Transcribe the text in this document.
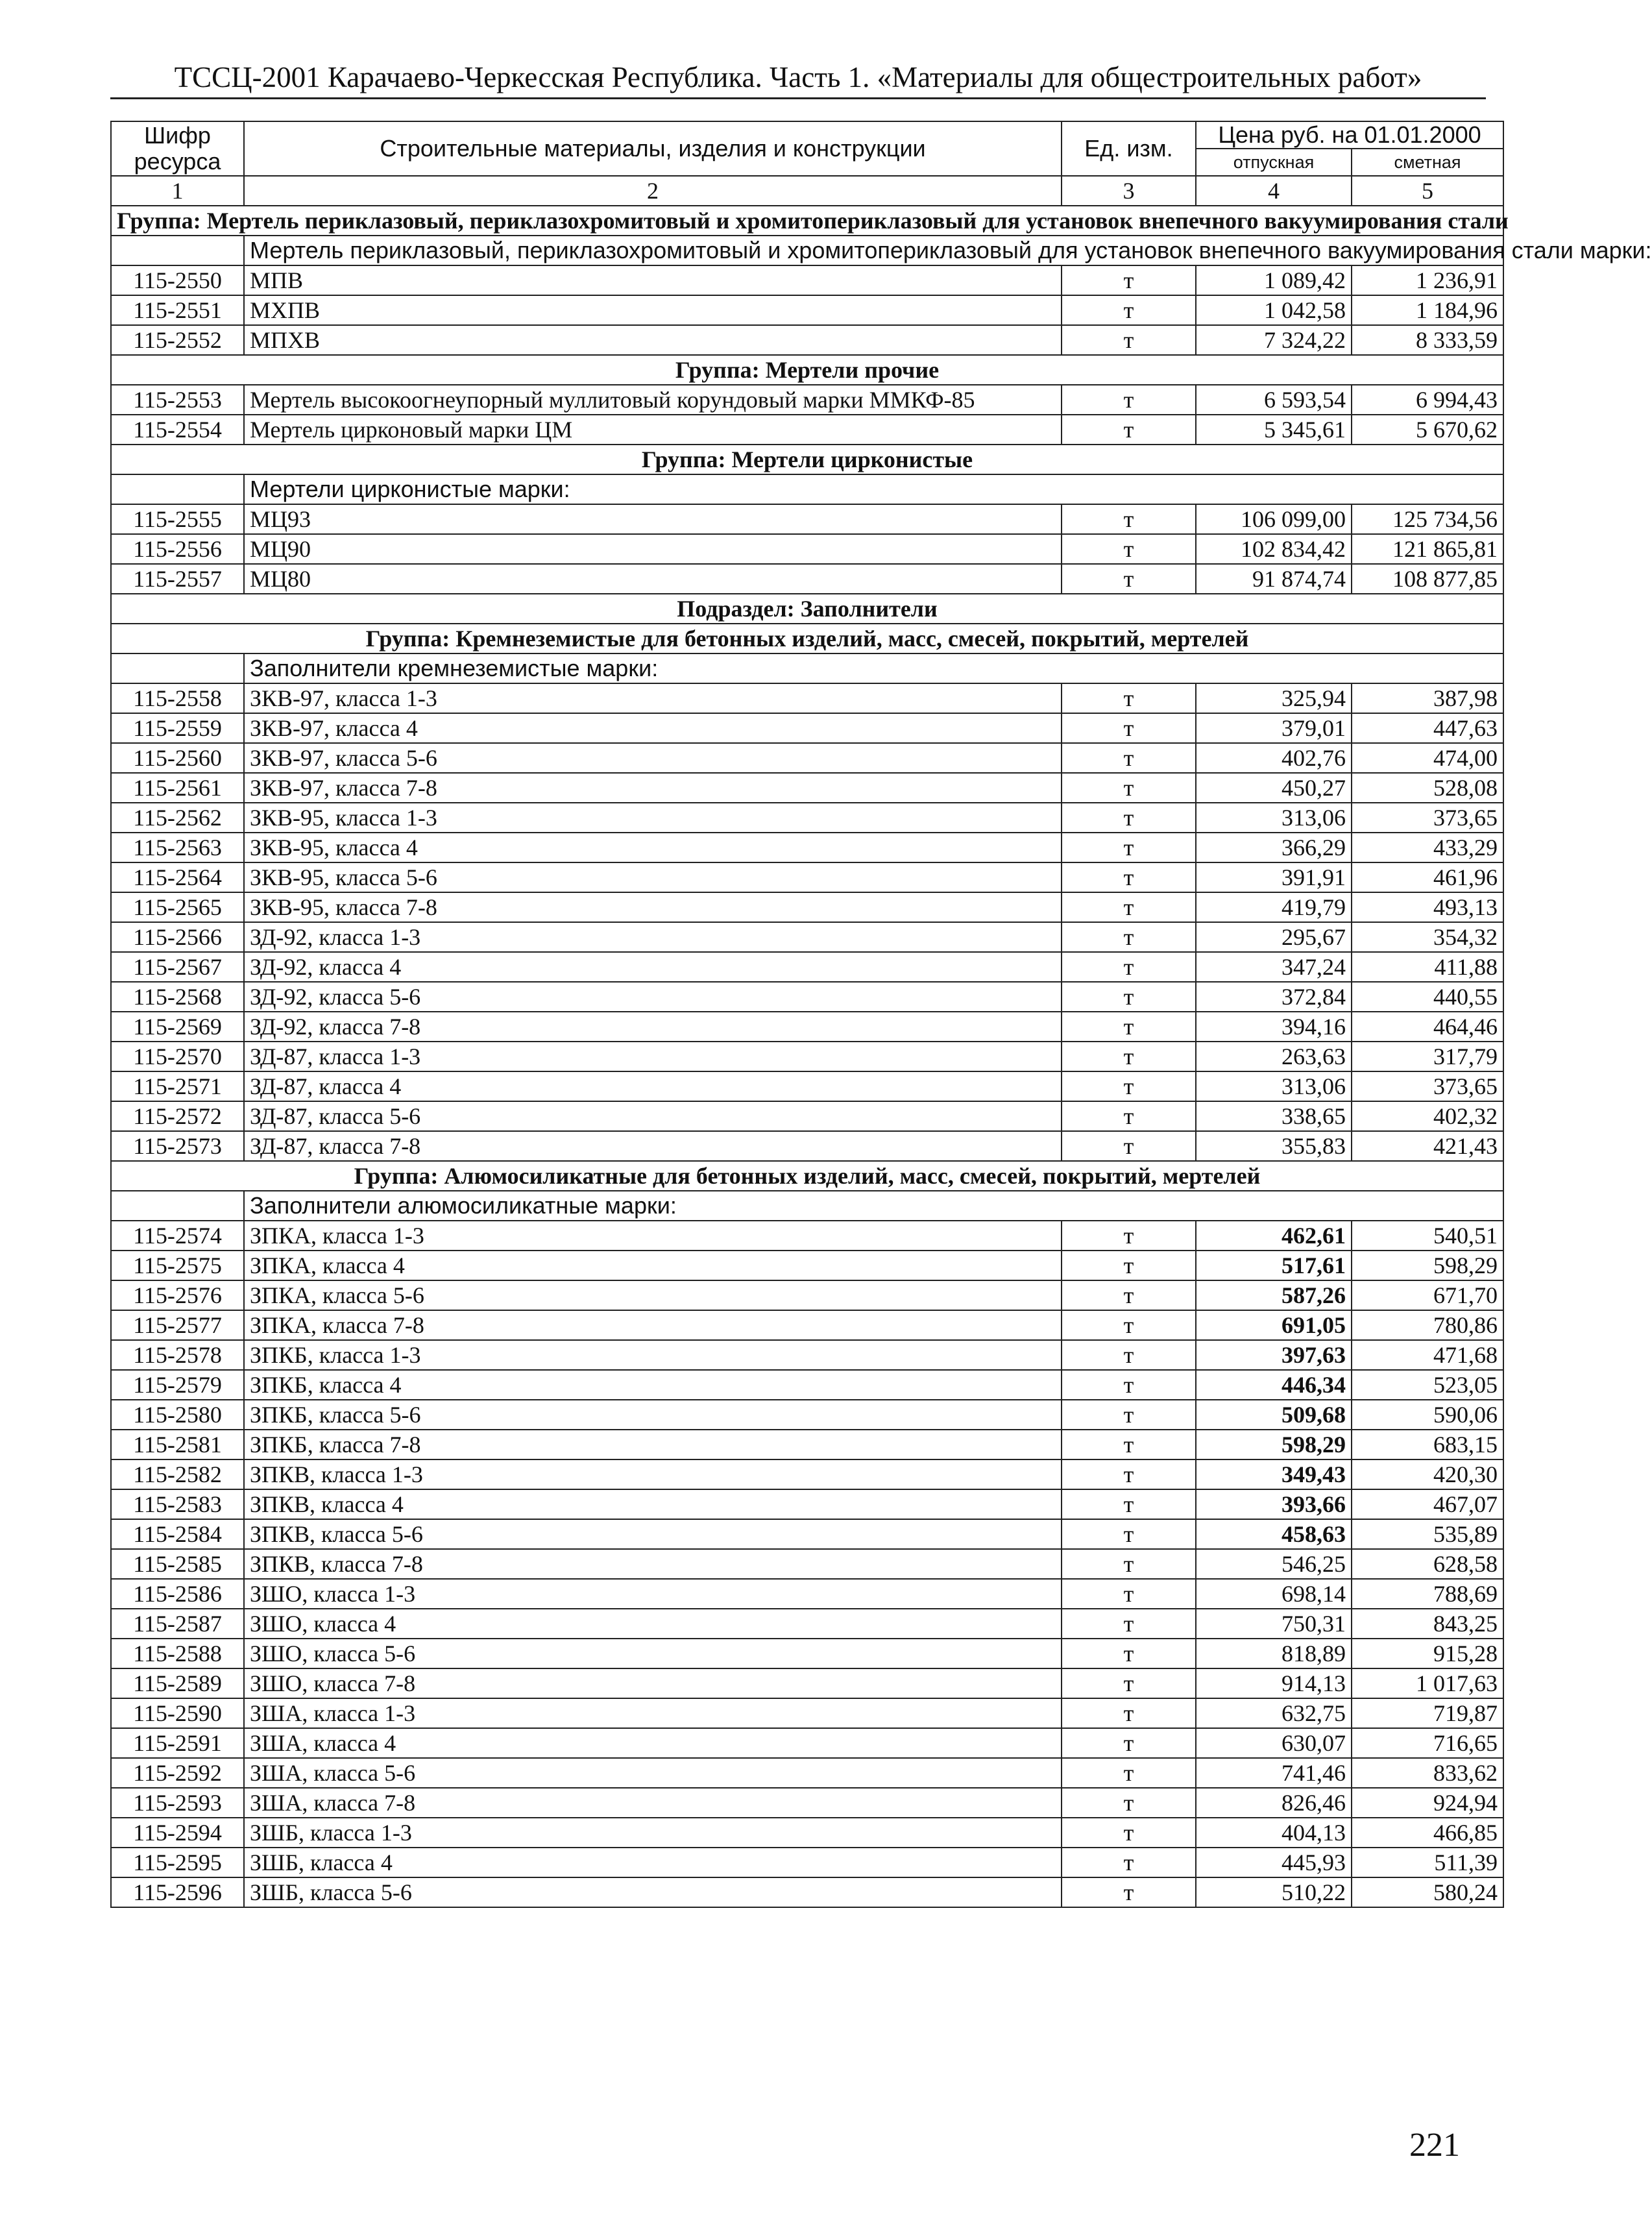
ТССЦ-2001 Карачаево-Черкесская Республика. Часть 1. «Материалы для общестроительных работ»
Шифр ресурса	Строительные материалы, изделия и конструкции	Ед. изм.	Цена руб. на 01.01.2000	
			отпускная	сметная
1	2	3	4	5
Группа: Мертель периклазовый, периклазохромитовый и хромитопериклазовый для установок внепечного вакуумирования стали				
	Мертель периклазовый, периклазохромитовый и хромитопериклазовый для установок внепечного вакуумирования стали марки:			
115-2550	МПВ	т	1 089,42	1 236,91
115-2551	МХПВ	т	1 042,58	1 184,96
115-2552	МПХВ	т	7 324,22	8 333,59
Группа: Мертели прочие				
115-2553	Мертель высокоогнеупорный муллитовый корундовый марки ММКФ-85	т	6 593,54	6 994,43
115-2554	Мертель цирконовый марки ЦМ	т	5 345,61	5 670,62
Группа: Мертели цирконистые				
	Мертели цирконистые марки:			
115-2555	МЦ93	т	106 099,00	125 734,56
115-2556	МЦ90	т	102 834,42	121 865,81
115-2557	МЦ80	т	91 874,74	108 877,85
Подраздел: Заполнители				
Группа: Кремнеземистые для бетонных изделий, масс, смесей, покрытий, мертелей				
	Заполнители кремнеземистые марки:			
115-2558	ЗКВ-97, класса 1-3	т	325,94	387,98
115-2559	ЗКВ-97, класса 4	т	379,01	447,63
115-2560	ЗКВ-97, класса 5-6	т	402,76	474,00
115-2561	ЗКВ-97, класса 7-8	т	450,27	528,08
115-2562	ЗКВ-95, класса 1-3	т	313,06	373,65
115-2563	ЗКВ-95, класса 4	т	366,29	433,29
115-2564	ЗКВ-95, класса 5-6	т	391,91	461,96
115-2565	ЗКВ-95, класса 7-8	т	419,79	493,13
115-2566	ЗД-92, класса 1-3	т	295,67	354,32
115-2567	ЗД-92, класса 4	т	347,24	411,88
115-2568	ЗД-92, класса 5-6	т	372,84	440,55
115-2569	ЗД-92, класса 7-8	т	394,16	464,46
115-2570	ЗД-87, класса 1-3	т	263,63	317,79
115-2571	ЗД-87, класса 4	т	313,06	373,65
115-2572	ЗД-87, класса 5-6	т	338,65	402,32
115-2573	ЗД-87, класса 7-8	т	355,83	421,43
Группа: Алюмосиликатные для бетонных изделий, масс, смесей, покрытий, мертелей				
	Заполнители алюмосиликатные марки:			
115-2574	ЗПКА, класса 1-3	т	462,61	540,51
115-2575	ЗПКА, класса 4	т	517,61	598,29
115-2576	ЗПКА, класса 5-6	т	587,26	671,70
115-2577	ЗПКА, класса 7-8	т	691,05	780,86
115-2578	ЗПКБ, класса 1-3	т	397,63	471,68
115-2579	ЗПКБ, класса 4	т	446,34	523,05
115-2580	ЗПКБ, класса 5-6	т	509,68	590,06
115-2581	ЗПКБ, класса 7-8	т	598,29	683,15
115-2582	ЗПКВ, класса 1-3	т	349,43	420,30
115-2583	ЗПКВ, класса 4	т	393,66	467,07
115-2584	ЗПКВ, класса 5-6	т	458,63	535,89
115-2585	ЗПКВ, класса 7-8	т	546,25	628,58
115-2586	ЗШО, класса 1-3	т	698,14	788,69
115-2587	ЗШО, класса 4	т	750,31	843,25
115-2588	ЗШО, класса 5-6	т	818,89	915,28
115-2589	ЗШО, класса 7-8	т	914,13	1 017,63
115-2590	ЗША, класса 1-3	т	632,75	719,87
115-2591	ЗША, класса 4	т	630,07	716,65
115-2592	ЗША, класса 5-6	т	741,46	833,62
115-2593	ЗША, класса 7-8	т	826,46	924,94
115-2594	ЗШБ, класса 1-3	т	404,13	466,85
115-2595	ЗШБ, класса 4	т	445,93	511,39
115-2596	ЗШБ, класса 5-6	т	510,22	580,24
221
